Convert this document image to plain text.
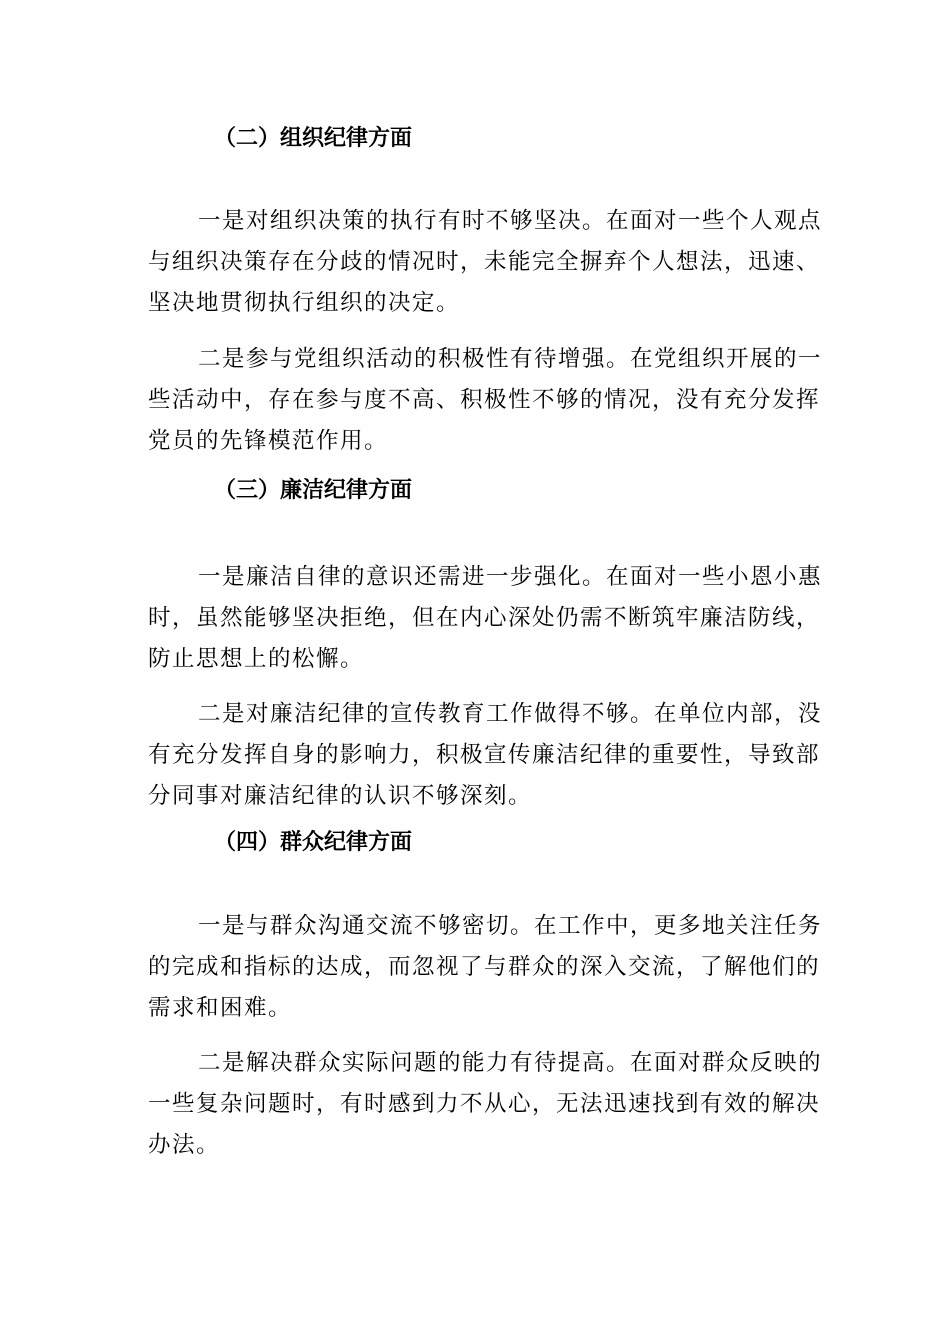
（二）组织纪律方面

一是对组织决策的执行有时不够坚决。在面对一些个人观点与组织决策存在分歧的情况时，未能完全摒弃个人想法，迅速、坚决地贯彻执行组织的决定。

二是参与党组织活动的积极性有待增强。在党组织开展的一些活动中，存在参与度不高、积极性不够的情况，没有充分发挥党员的先锋模范作用。

（三）廉洁纪律方面

一是廉洁自律的意识还需进一步强化。在面对一些小恩小惠时，虽然能够坚决拒绝，但在内心深处仍需不断筑牢廉洁防线，防止思想上的松懈。

二是对廉洁纪律的宣传教育工作做得不够。在单位内部，没有充分发挥自身的影响力，积极宣传廉洁纪律的重要性，导致部分同事对廉洁纪律的认识不够深刻。

（四）群众纪律方面

一是与群众沟通交流不够密切。在工作中，更多地关注任务的完成和指标的达成，而忽视了与群众的深入交流，了解他们的需求和困难。

二是解决群众实际问题的能力有待提高。在面对群众反映的一些复杂问题时，有时感到力不从心，无法迅速找到有效的解决办法。
